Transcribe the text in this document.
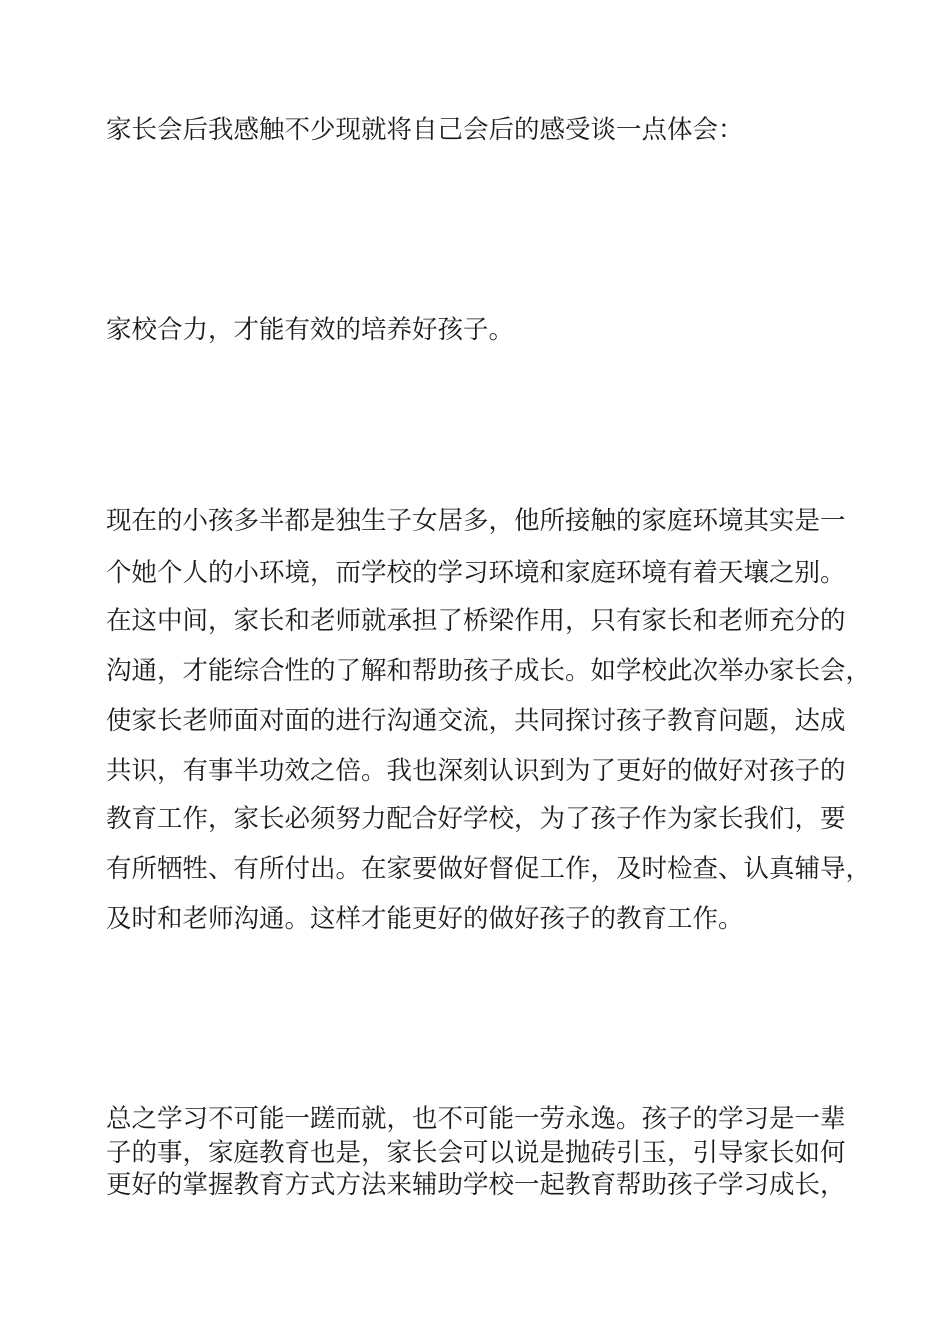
家长会后我感触不少现就将自己会后的感受谈一点体会：

家校合力，才能有效的培养好孩子。

现在的小孩多半都是独生子女居多，他所接触的家庭环境其实是一

个她个人的小环境，而学校的学习环境和家庭环境有着天壤之别。

在这中间，家长和老师就承担了桥梁作用，只有家长和老师充分的

沟通，才能综合性的了解和帮助孩子成长。如学校此次举办家长会，

使家长老师面对面的进行沟通交流，共同探讨孩子教育问题，达成

共识，有事半功效之倍。我也深刻认识到为了更好的做好对孩子的

教育工作，家长必须努力配合好学校，为了孩子作为家长我们，要

有所牺牲、有所付出。在家要做好督促工作，及时检查、认真辅导，

及时和老师沟通。这样才能更好的做好孩子的教育工作。

总之学习不可能一蹉而就，也不可能一劳永逸。孩子的学习是一辈

子的事，家庭教育也是，家长会可以说是抛砖引玉，引导家长如何

更好的掌握教育方式方法来辅助学校一起教育帮助孩子学习成长，
